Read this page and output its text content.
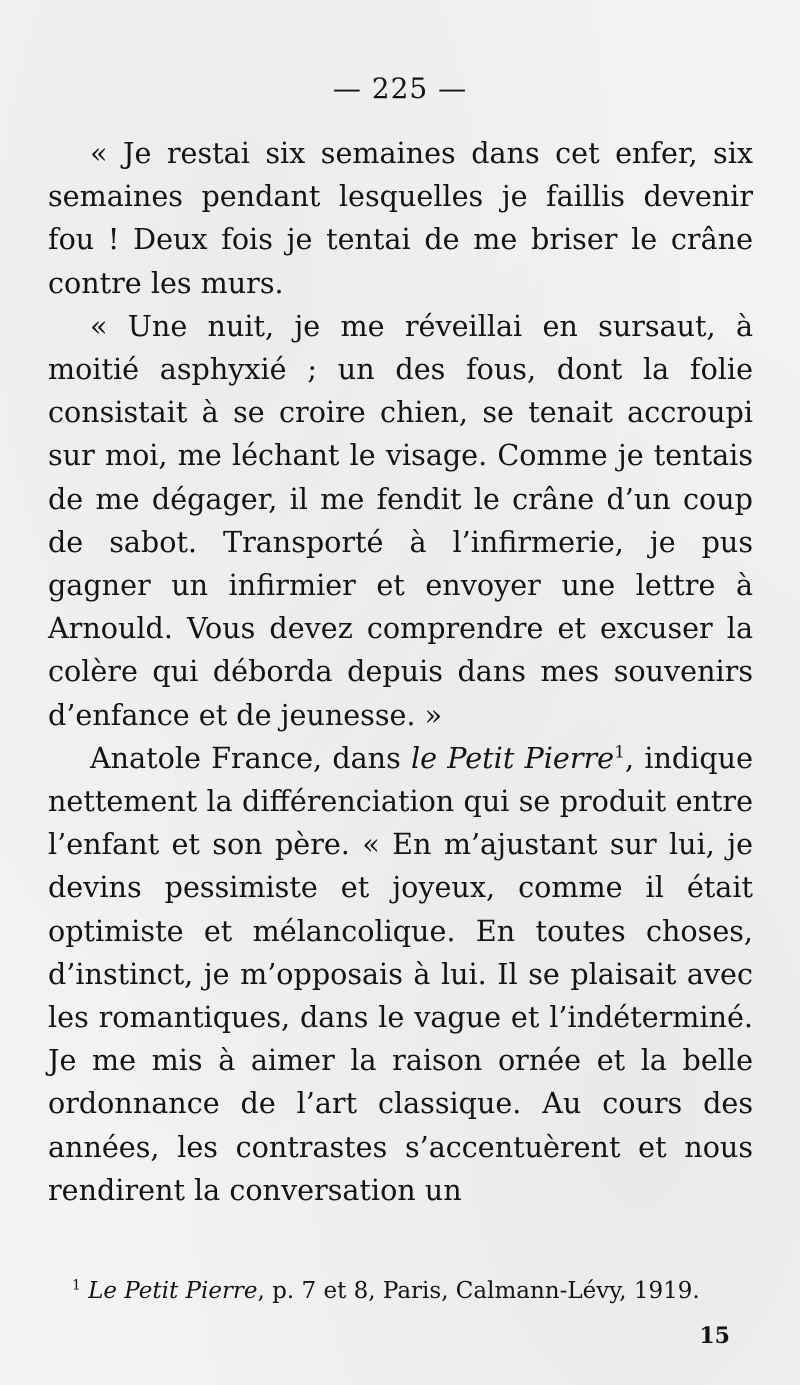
— 225 —

« Je restai six semaines dans cet enfer, six semaines pendant lesquelles je faillis devenir fou ! Deux fois je tentai de me briser le crâne contre les murs.

« Une nuit, je me réveillai en sursaut, à moitié asphyxié ; un des fous, dont la folie consistait à se croire chien, se tenait accroupi sur moi, me léchant le visage. Comme je tentais de me dégager, il me fendit le crâne d’un coup de sabot. Transporté à l’infirmerie, je pus gagner un infirmier et envoyer une lettre à Arnould. Vous devez comprendre et excuser la colère qui déborda depuis dans mes souvenirs d’enfance et de jeunesse. »

Anatole France, dans le Petit Pierre$^1$, indique nettement la différenciation qui se produit entre l’enfant et son père. « En m’ajustant sur lui, je devins pessimiste et joyeux, comme il était optimiste et mélancolique. En toutes choses, d’instinct, je m’opposais à lui. Il se plaisait avec les romantiques, dans le vague et l’indéterminé. Je me mis à aimer la raison ornée et la belle ordonnance de l’art classique. Au cours des années, les contrastes s’accentuèrent et nous rendirent la conversation un

$^1$ Le Petit Pierre, p. 7 et 8, Paris, Calmann-Lévy, 1919.
15
